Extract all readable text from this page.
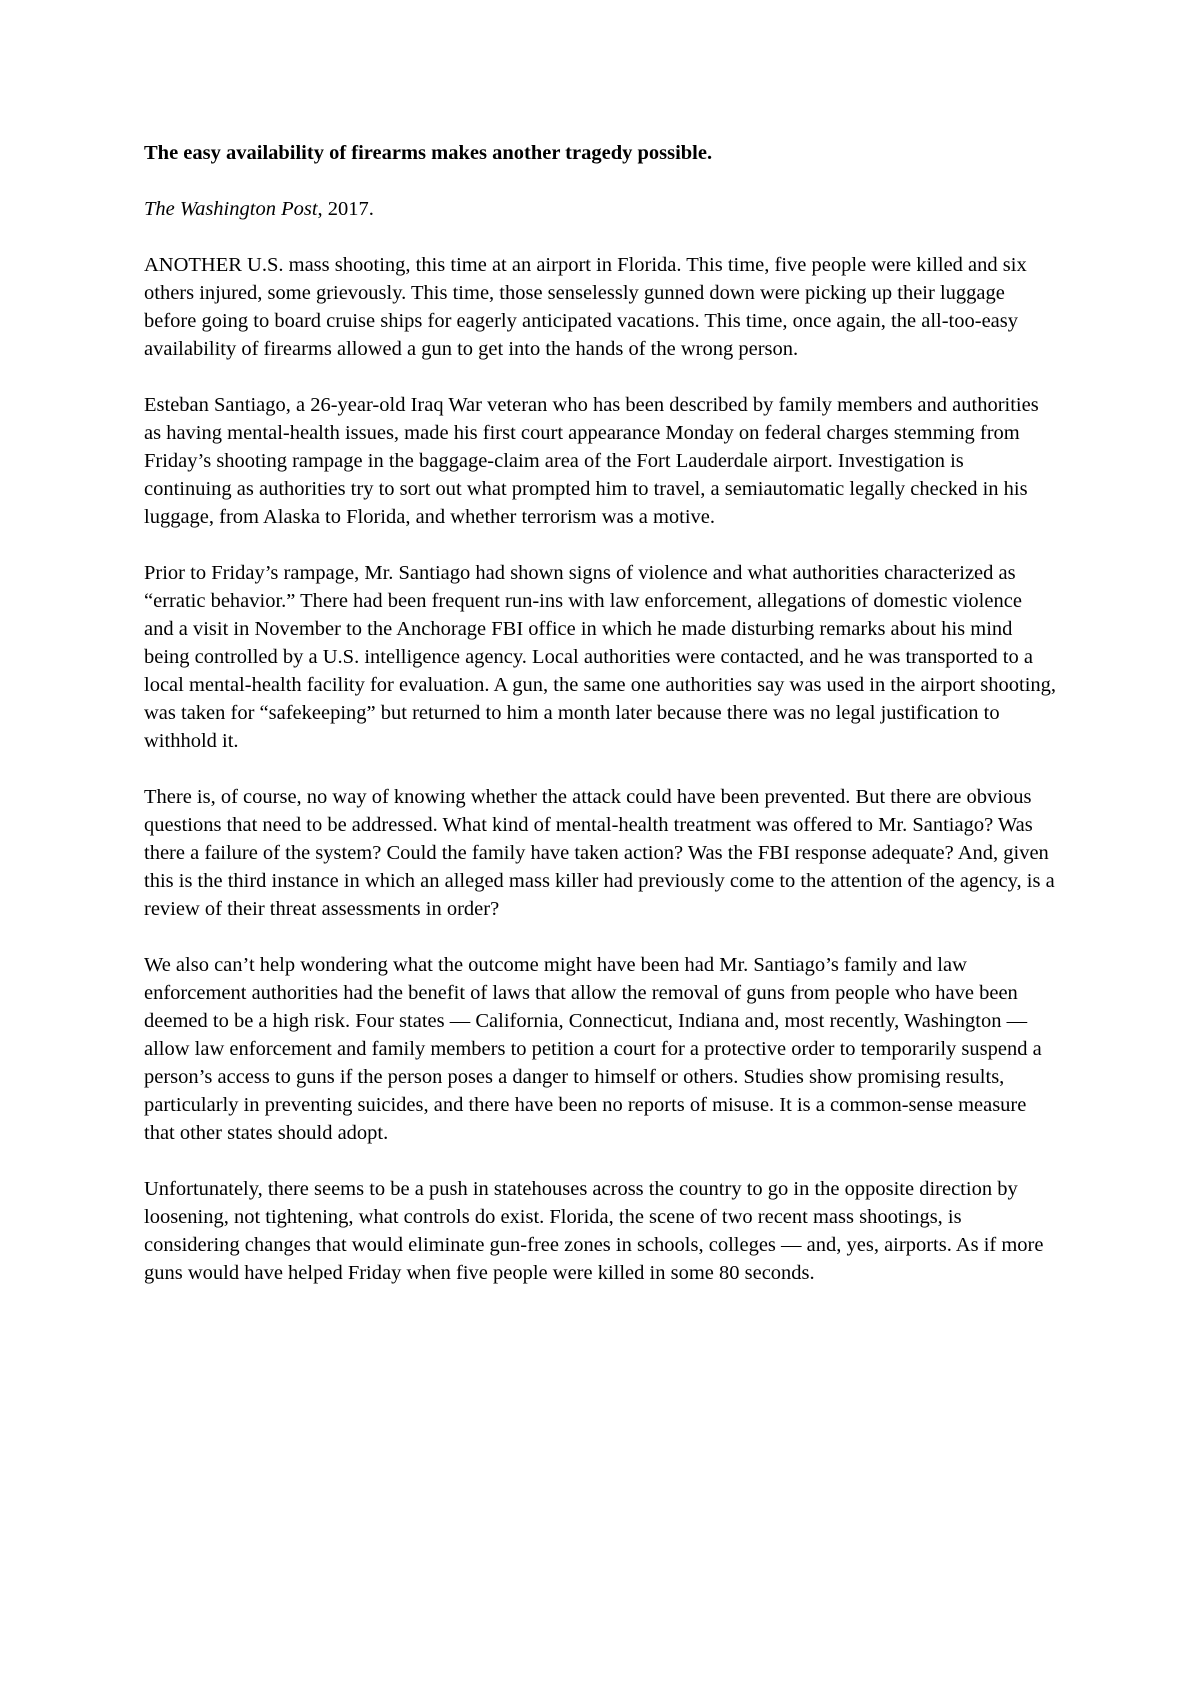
The easy availability of firearms makes another tragedy possible.

The Washington Post, 2017.

ANOTHER U.S. mass shooting, this time at an airport in Florida. This time, five people were killed and six others injured, some grievously. This time, those senselessly gunned down were picking up their luggage before going to board cruise ships for eagerly anticipated vacations. This time, once again, the all-too-easy availability of firearms allowed a gun to get into the hands of the wrong person.

Esteban Santiago, a 26-year-old Iraq War veteran who has been described by family members and authorities as having mental-health issues, made his first court appearance Monday on federal charges stemming from Friday’s shooting rampage in the baggage-claim area of the Fort Lauderdale airport. Investigation is continuing as authorities try to sort out what prompted him to travel, a semiautomatic legally checked in his luggage, from Alaska to Florida, and whether terrorism was a motive.

Prior to Friday’s rampage, Mr. Santiago had shown signs of violence and what authorities characterized as “erratic behavior.” There had been frequent run-ins with law enforcement, allegations of domestic violence and a visit in November to the Anchorage FBI office in which he made disturbing remarks about his mind being controlled by a U.S. intelligence agency. Local authorities were contacted, and he was transported to a local mental-health facility for evaluation. A gun, the same one authorities say was used in the airport shooting, was taken for “safekeeping” but returned to him a month later because there was no legal justification to withhold it.

There is, of course, no way of knowing whether the attack could have been prevented. But there are obvious questions that need to be addressed. What kind of mental-health treatment was offered to Mr. Santiago? Was there a failure of the system? Could the family have taken action? Was the FBI response adequate? And, given this is the third instance in which an alleged mass killer had previously come to the attention of the agency, is a review of their threat assessments in order?

We also can’t help wondering what the outcome might have been had Mr. Santiago’s family and law enforcement authorities had the benefit of laws that allow the removal of guns from people who have been deemed to be a high risk. Four states — California, Connecticut, Indiana and, most recently, Washington — allow law enforcement and family members to petition a court for a protective order to temporarily suspend a person’s access to guns if the person poses a danger to himself or others. Studies show promising results, particularly in preventing suicides, and there have been no reports of misuse. It is a common-sense measure that other states should adopt.

Unfortunately, there seems to be a push in statehouses across the country to go in the opposite direction by loosening, not tightening, what controls do exist. Florida, the scene of two recent mass shootings, is considering changes that would eliminate gun-free zones in schools, colleges — and, yes, airports. As if more guns would have helped Friday when five people were killed in some 80 seconds.
